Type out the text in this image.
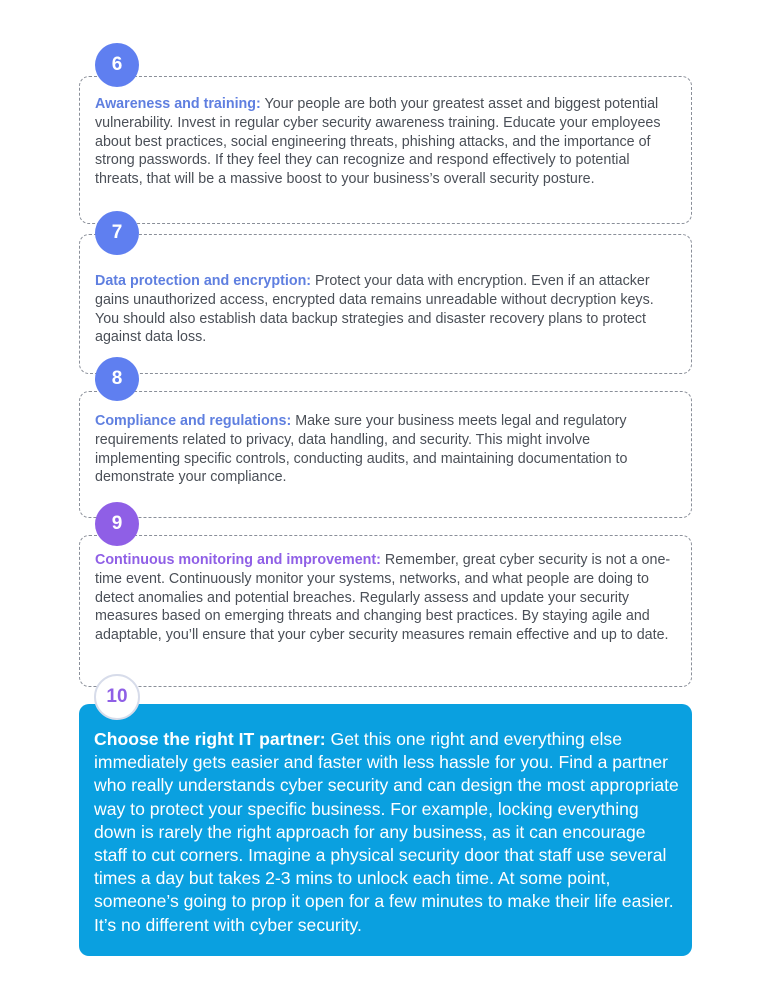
Awareness and training: Your people are both your greatest asset and biggest potential vulnerability. Invest in regular cyber security awareness training. Educate your employees about best practices, social engineering threats, phishing attacks, and the importance of strong passwords. If they feel they can recognize and respond effectively to potential threats, that will be a massive boost to your business’s overall security posture.
6
Data protection and encryption: Protect your data with encryption. Even if an attacker gains unauthorized access, encrypted data remains unreadable without decryption keys. You should also establish data backup strategies and disaster recovery plans to protect against data loss.
7
Compliance and regulations: Make sure your business meets legal and regulatory requirements related to privacy, data handling, and security. This might involve implementing specific controls, conducting audits, and maintaining documentation to demonstrate your compliance.
8
Continuous monitoring and improvement: Remember, great cyber security is not a one-time event. Continuously monitor your systems, networks, and what people are doing to detect anomalies and potential breaches. Regularly assess and update your security measures based on emerging threats and changing best practices. By staying agile and adaptable, you’ll ensure that your cyber security measures remain effective and up to date.
9
Choose the right IT partner: Get this one right and everything else immediately gets easier and faster with less hassle for you. Find a partner who really understands cyber security and can design the most appropriate way to protect your specific business. For example, locking everything down is rarely the right approach for any business, as it can encourage staff to cut corners. Imagine a physical security door that staff use several times a day but takes 2-3 mins to unlock each time. At some point, someone’s going to prop it open for a few minutes to make their life easier. It’s no different with cyber security.
10
